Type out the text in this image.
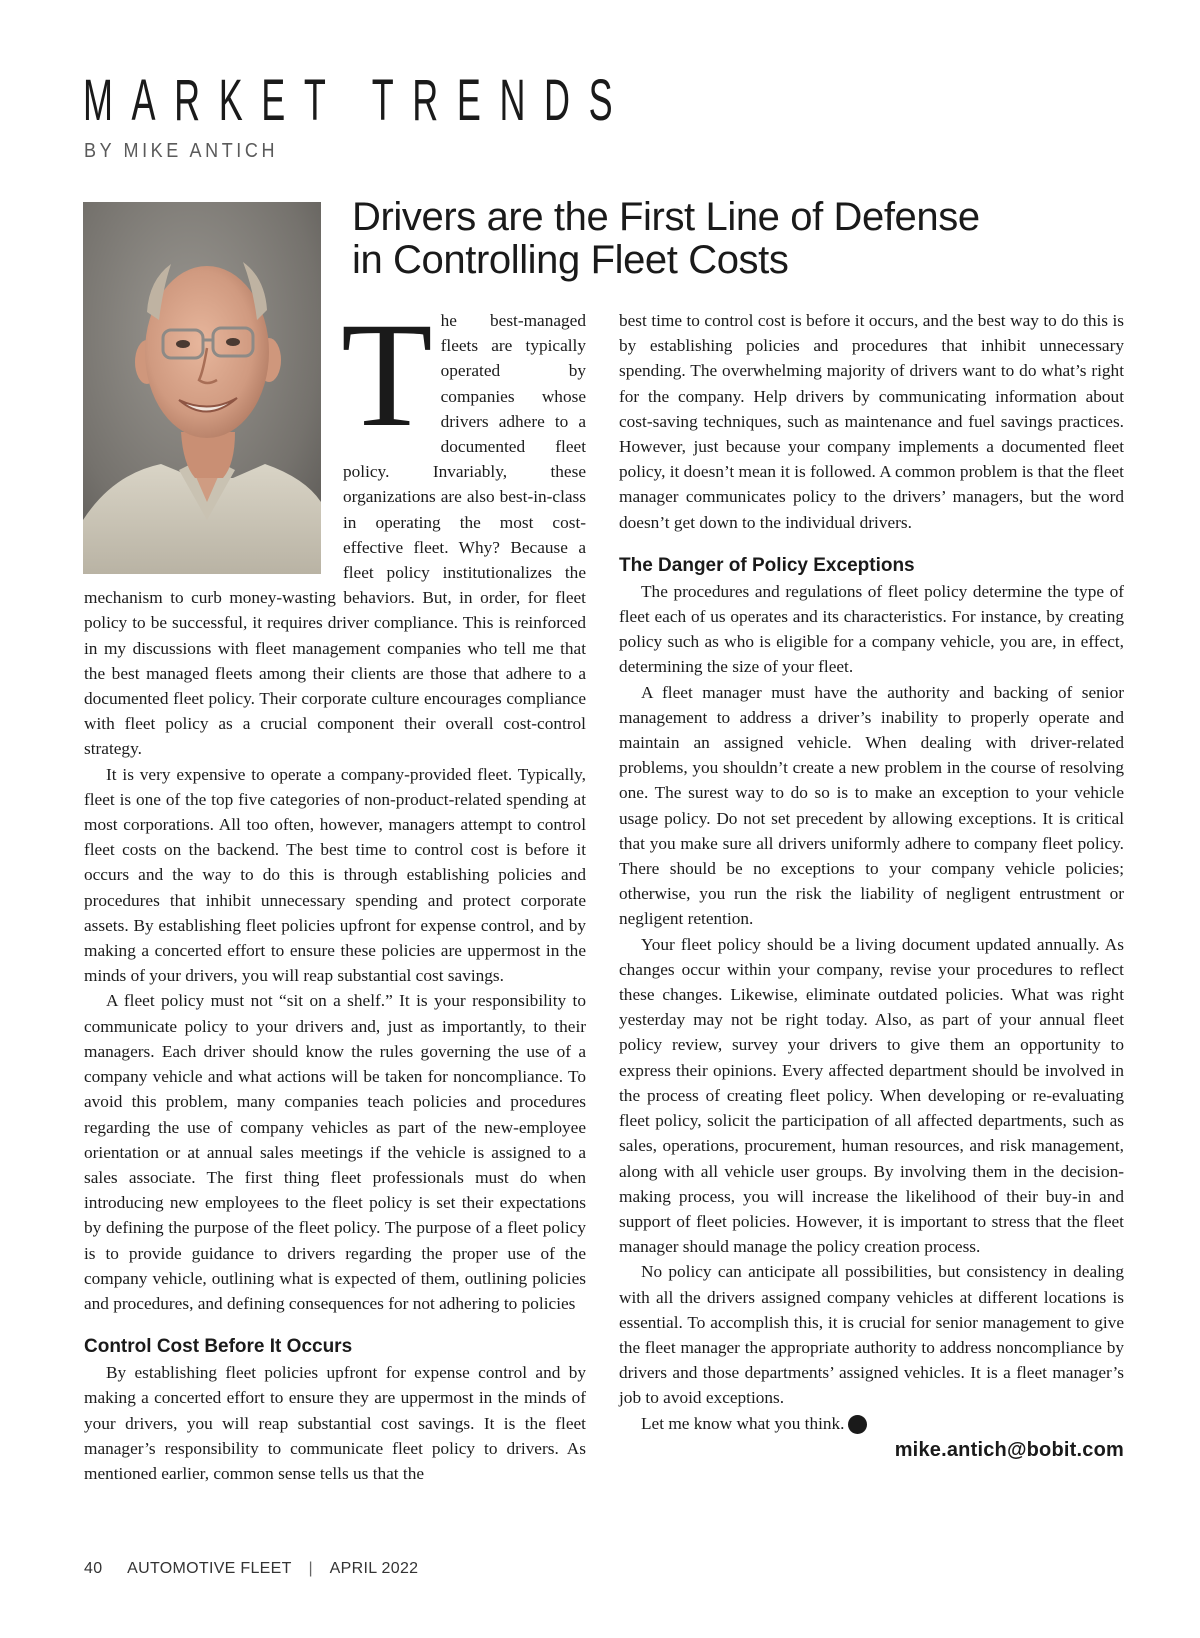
MARKET TRENDS
BY MIKE ANTICH
Drivers are the First Line of Defense
in Controlling Fleet Costs

The best-managed fleets are typically operated by companies whose drivers adhere to a documented fleet policy. Invariably, these organizations are also best-in-class in operating the most cost-effective fleet. Why? Because a fleet policy institutionalizes the mechanism to curb money-wasting behaviors. But, in order, for fleet policy to be successful, it requires driver compliance. This is reinforced in my discussions with fleet management companies who tell me that the best managed fleets among their clients are those that adhere to a documented fleet policy. Their corporate culture encourages compliance with fleet policy as a crucial component their overall cost-control strategy.

It is very expensive to operate a company-provided fleet. Typically, fleet is one of the top five categories of non-product-related spending at most corporations. All too often, however, managers attempt to control fleet costs on the backend. The best time to control cost is before it occurs and the way to do this is through establishing policies and procedures that inhibit unnecessary spending and protect corporate assets. By establishing fleet policies upfront for expense control, and by making a concerted effort to ensure these policies are uppermost in the minds of your drivers, you will reap substantial cost savings.

A fleet policy must not “sit on a shelf.” It is your responsibility to communicate policy to your drivers and, just as importantly, to their managers. Each driver should know the rules governing the use of a company vehicle and what actions will be taken for noncompliance. To avoid this problem, many companies teach policies and procedures regarding the use of company vehicles as part of the new-employee orientation or at annual sales meetings if the vehicle is assigned to a sales associate. The first thing fleet professionals must do when introducing new employees to the fleet policy is set their expectations by defining the purpose of the fleet policy. The purpose of a fleet policy is to provide guidance to drivers regarding the proper use of the company vehicle, outlining what is expected of them, outlining policies and procedures, and defining consequences for not adhering to policies

Control Cost Before It Occurs

By establishing fleet policies upfront for expense control and by making a concerted effort to ensure they are uppermost in the minds of your drivers, you will reap substantial cost savings. It is the fleet manager’s responsibility to communicate fleet policy to drivers. As mentioned earlier, common sense tells us that the

best time to control cost is before it occurs, and the best way to do this is by establishing policies and procedures that inhibit unnecessary spending. The overwhelming majority of drivers want to do what’s right for the company. Help drivers by communicating information about cost-saving techniques, such as maintenance and fuel savings practices. However, just because your company implements a documented fleet policy, it doesn’t mean it is followed. A common problem is that the fleet manager communicates policy to the drivers’ managers, but the word doesn’t get down to the individual drivers.

The Danger of Policy Exceptions

The procedures and regulations of fleet policy determine the type of fleet each of us operates and its characteristics. For instance, by creating policy such as who is eligible for a company vehicle, you are, in effect, determining the size of your fleet.

A fleet manager must have the authority and backing of senior management to address a driver’s inability to properly operate and maintain an assigned vehicle. When dealing with driver-related problems, you shouldn’t create a new problem in the course of resolving one. The surest way to do so is to make an exception to your vehicle usage policy. Do not set precedent by allowing exceptions. It is critical that you make sure all drivers uniformly adhere to company fleet policy. There should be no exceptions to your company vehicle policies; otherwise, you run the risk the liability of negligent entrustment or negligent retention.

Your fleet policy should be a living document updated annually. As changes occur within your company, revise your procedures to reflect these changes. Likewise, eliminate outdated policies. What was right yesterday may not be right today. Also, as part of your annual fleet policy review, survey your drivers to give them an opportunity to express their opinions. Every affected department should be involved in the process of creating fleet policy. When developing or re-evaluating fleet policy, solicit the participation of all affected departments, such as sales, operations, procurement, human resources, and risk management, along with all vehicle user groups. By involving them in the decision-making process, you will increase the likelihood of their buy-in and support of fleet policies. However, it is important to stress that the fleet manager should manage the policy creation process.

No policy can anticipate all possibilities, but consistency in dealing with all the drivers assigned company vehicles at different locations is essential. To accomplish this, it is crucial for senior management to give the fleet manager the appropriate authority to address noncompliance by drivers and those departments’ assigned vehicles. It is a fleet manager’s job to avoid exceptions.

Let me know what you think.	AF

mike.antich@bobit.com
40 AUTOMOTIVE FLEET | APRIL 2022
